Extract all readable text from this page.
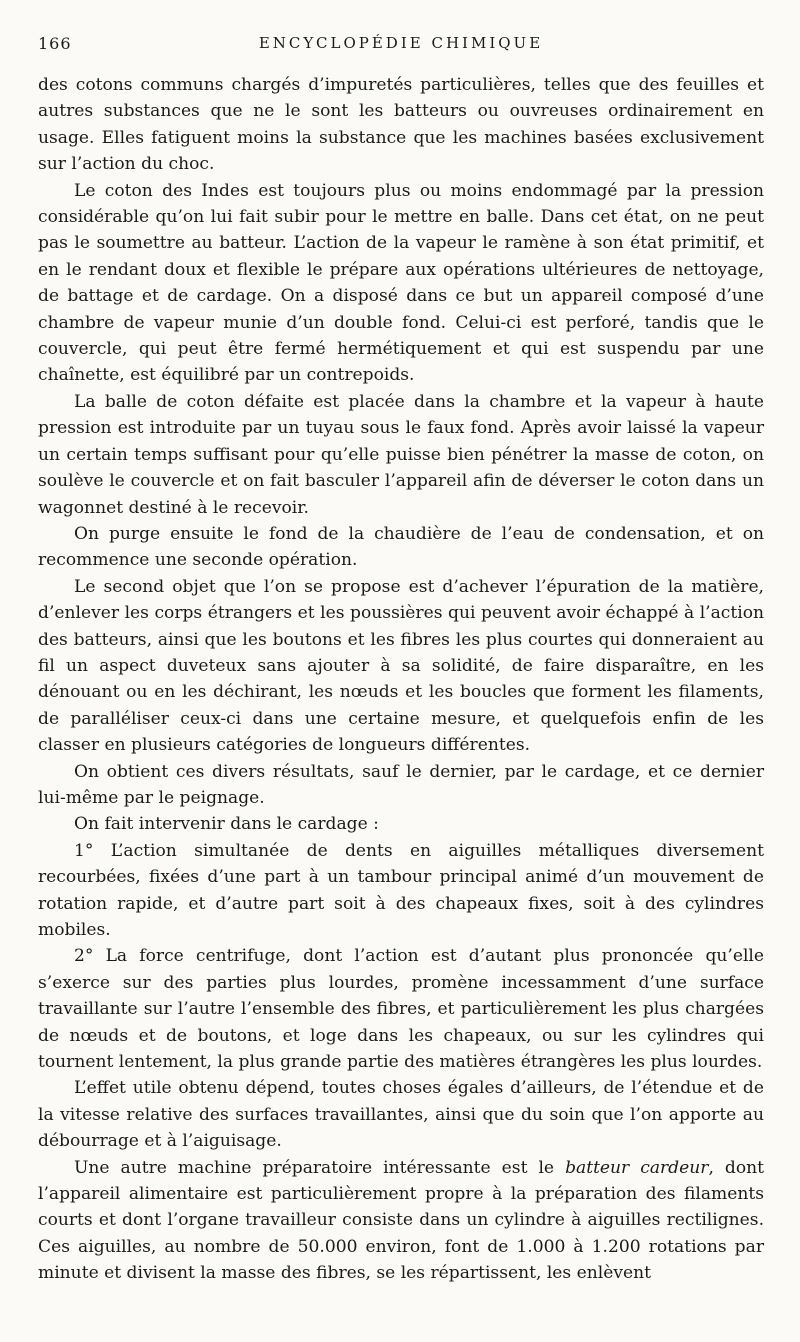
166	ENCYCLOPÉDIE CHIMIQUE

des cotons communs chargés d’impuretés particulières, telles que des feuilles et autres substances que ne le sont les batteurs ou ouvreuses ordinairement en usage. Elles fatiguent moins la substance que les machines basées exclusivement sur l’action du choc.

Le coton des Indes est toujours plus ou moins endommagé par la pression considérable qu’on lui fait subir pour le mettre en balle. Dans cet état, on ne peut pas le soumettre au batteur. L’action de la vapeur le ramène à son état primitif, et en le rendant doux et flexible le prépare aux opérations ultérieures de nettoyage, de battage et de cardage. On a disposé dans ce but un appareil composé d’une chambre de vapeur munie d’un double fond. Celui-ci est perforé, tandis que le couvercle, qui peut être fermé hermétiquement et qui est suspendu par une chaînette, est équilibré par un contrepoids.

La balle de coton défaite est placée dans la chambre et la vapeur à haute pression est introduite par un tuyau sous le faux fond. Après avoir laissé la vapeur un certain temps suffisant pour qu’elle puisse bien pénétrer la masse de coton, on soulève le couvercle et on fait basculer l’appareil afin de déverser le coton dans un wagonnet destiné à le recevoir.

On purge ensuite le fond de la chaudière de l’eau de condensation, et on recommence une seconde opération.

Le second objet que l’on se propose est d’achever l’épuration de la matière, d’enlever les corps étrangers et les poussières qui peuvent avoir échappé à l’action des batteurs, ainsi que les boutons et les fibres les plus courtes qui donneraient au fil un aspect duveteux sans ajouter à sa solidité, de faire disparaître, en les dénouant ou en les déchirant, les nœuds et les boucles que forment les filaments, de paralléliser ceux-ci dans une certaine mesure, et quelquefois enfin de les classer en plusieurs catégories de longueurs différentes.

On obtient ces divers résultats, sauf le dernier, par le cardage, et ce dernier lui-même par le peignage.

On fait intervenir dans le cardage :

1° L’action simultanée de dents en aiguilles métalliques diversement recourbées, fixées d’une part à un tambour principal animé d’un mouvement de rotation rapide, et d’autre part soit à des chapeaux fixes, soit à des cylindres mobiles.

2° La force centrifuge, dont l’action est d’autant plus prononcée qu’elle s’exerce sur des parties plus lourdes, promène incessamment d’une surface travaillante sur l’autre l’ensemble des fibres, et particulièrement les plus chargées de nœuds et de boutons, et loge dans les chapeaux, ou sur les cylindres qui tournent lentement, la plus grande partie des matières étrangères les plus lourdes.

L’effet utile obtenu dépend, toutes choses égales d’ailleurs, de l’étendue et de la vitesse relative des surfaces travaillantes, ainsi que du soin que l’on apporte au débourrage et à l’aiguisage.

Une autre machine préparatoire intéressante est le batteur cardeur, dont l’appareil alimentaire est particulièrement propre à la préparation des filaments courts et dont l’organe travailleur consiste dans un cylindre à aiguilles rectilignes. Ces aiguilles, au nombre de 50.000 environ, font de 1.000 à 1.200 rotations par minute et divisent la masse des fibres, se les répartissent, les enlèvent
